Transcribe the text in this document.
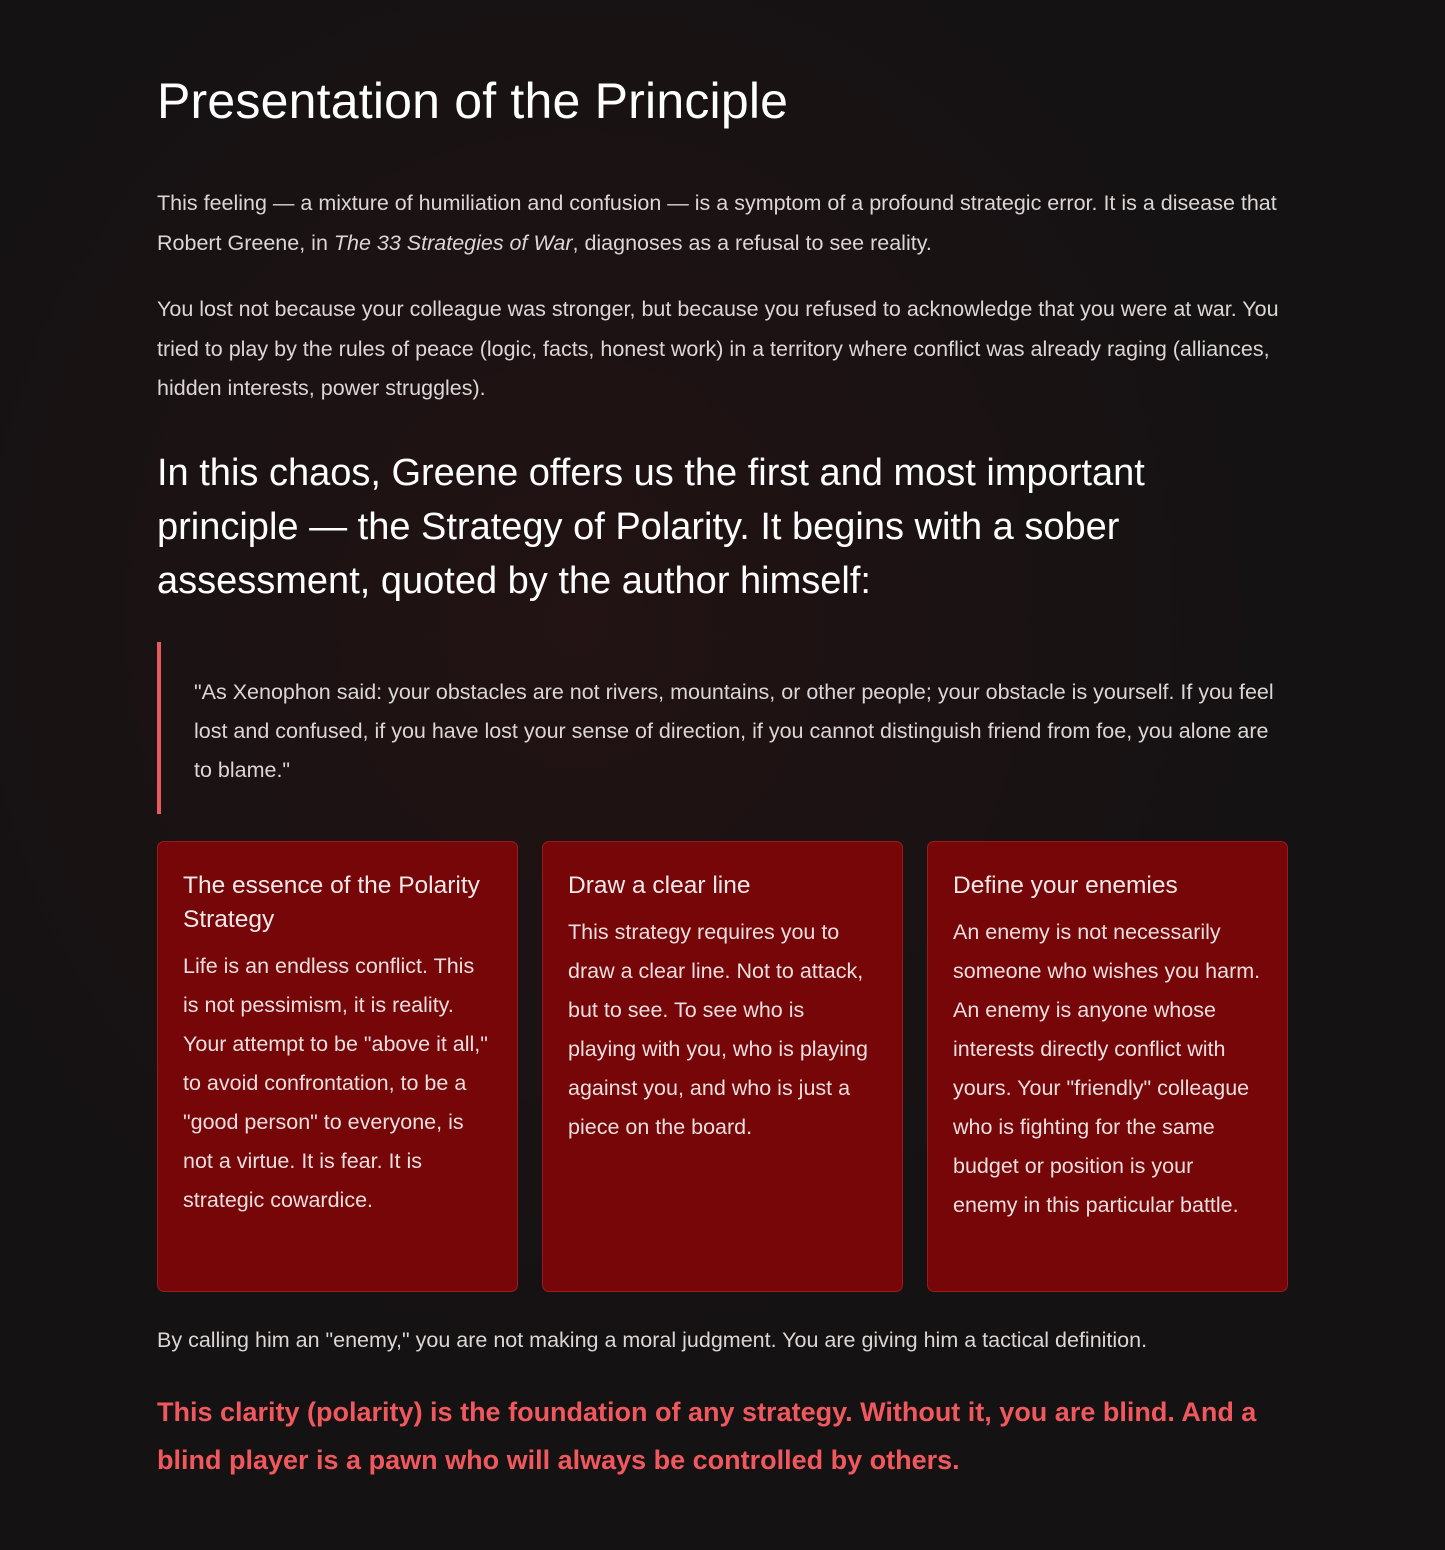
Presentation of the Principle

This feeling — a mixture of humiliation and confusion — is a symptom of a profound strategic error. It is a disease that Robert Greene, in The 33 Strategies of War, diagnoses as a refusal to see reality.

You lost not because your colleague was stronger, but because you refused to acknowledge that you were at war. You tried to play by the rules of peace (logic, facts, honest work) in a territory where conflict was already raging (alliances, hidden interests, power struggles).

In this chaos, Greene offers us the first and most important principle — the Strategy of Polarity. It begins with a sober assessment, quoted by the author himself:
"As Xenophon said: your obstacles are not rivers, mountains, or other people; your obstacle is yourself. If you feel lost and confused, if you have lost your sense of direction, if you cannot distinguish friend from foe, you alone are to blame."
The essence of the Polarity Strategy

Life is an endless conflict. This is not pessimism, it is reality. Your attempt to be "above it all," to avoid confrontation, to be a "good person" to everyone, is not a virtue. It is fear. It is strategic cowardice.

Draw a clear line

This strategy requires you to draw a clear line. Not to attack, but to see. To see who is playing with you, who is playing against you, and who is just a piece on the board.

Define your enemies

An enemy is not necessarily someone who wishes you harm. An enemy is anyone whose interests directly conflict with yours. Your "friendly" colleague who is fighting for the same budget or position is your enemy in this particular battle.

By calling him an "enemy," you are not making a moral judgment. You are giving him a tactical definition.

This clarity (polarity) is the foundation of any strategy. Without it, you are blind. And a blind player is a pawn who will always be controlled by others.
